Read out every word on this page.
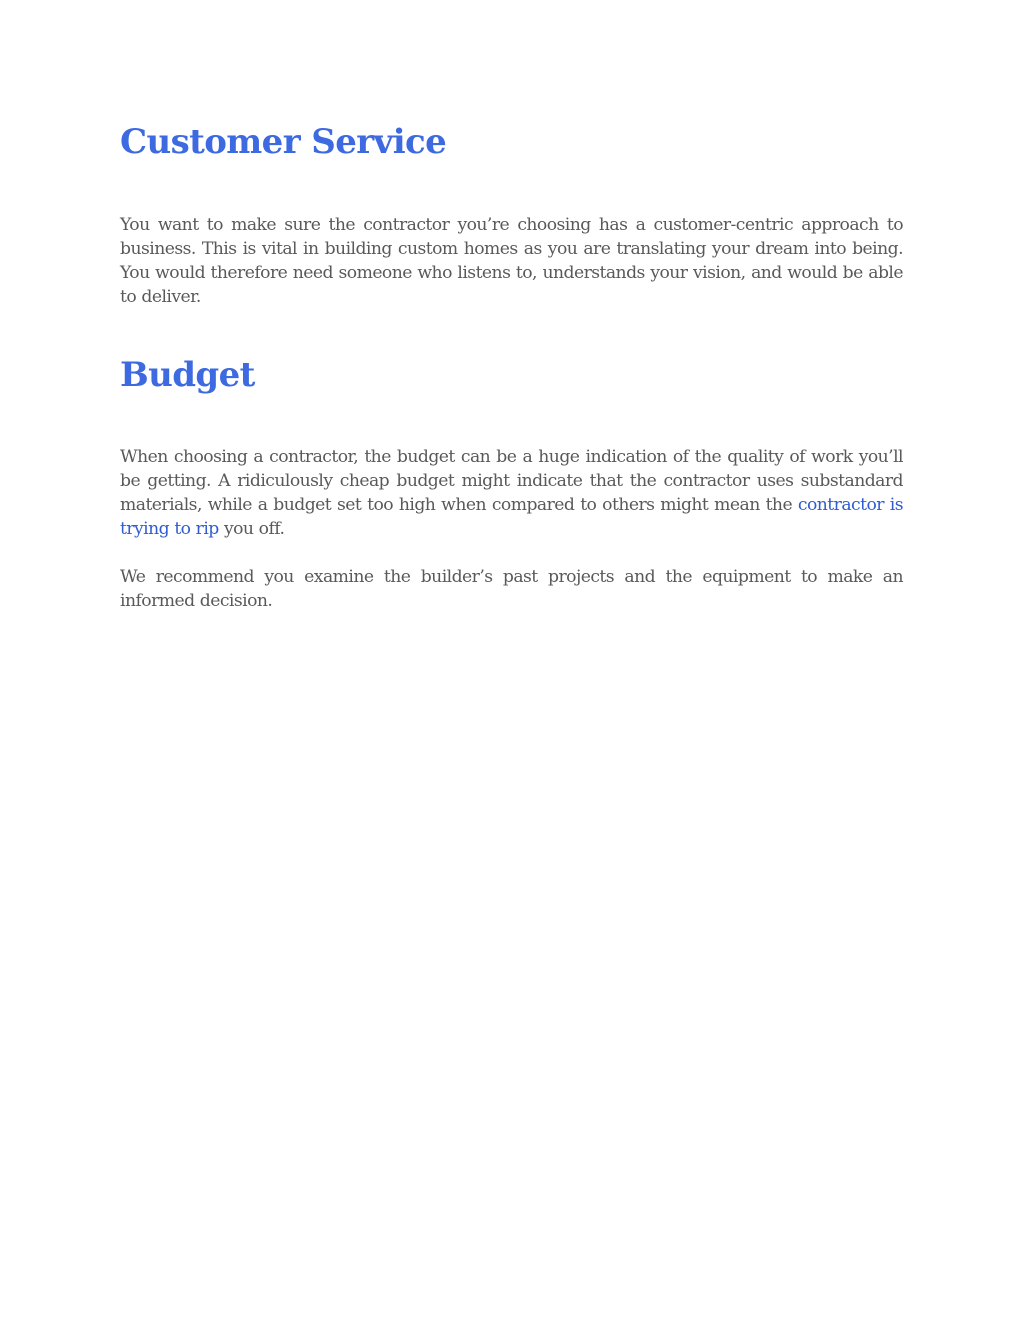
Customer Service

You want to make sure the contractor you’re choosing has a customer-centric approach to business. This is vital in building custom homes as you are translating your dream into being. You would therefore need someone who listens to, understands your vision, and would be able to deliver.

Budget

When choosing a contractor, the budget can be a huge indication of the quality of work you’ll be getting. A ridiculously cheap budget might indicate that the contractor uses substandard materials, while a budget set too high when compared to others might mean the contractor is trying to rip you off.

We recommend you examine the builder’s past projects and the equipment to make an informed decision.
